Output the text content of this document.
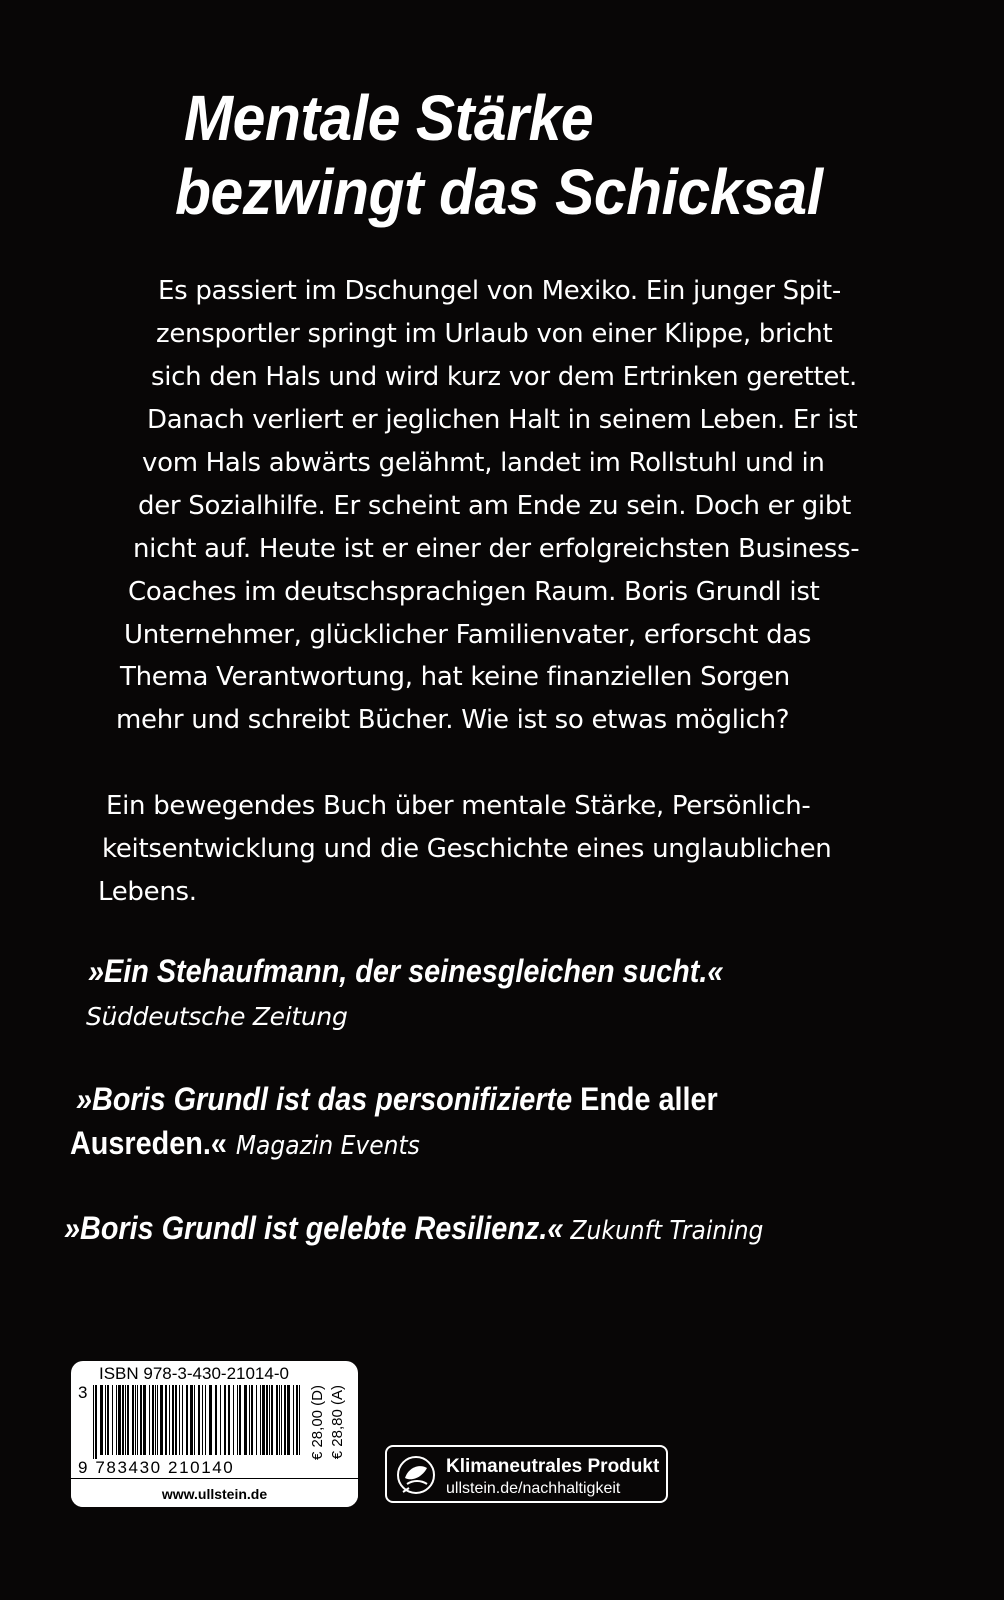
Mentale Stärke
bezwingt das Schicksal
Es passiert im Dschungel von Mexiko. Ein junger Spit-
zensportler springt im Urlaub von einer Klippe, bricht
sich den Hals und wird kurz vor dem Ertrinken gerettet.
Danach verliert er jeglichen Halt in seinem Leben. Er ist
vom Hals abwärts gelähmt, landet im Rollstuhl und in
der Sozialhilfe. Er scheint am Ende zu sein. Doch er gibt
nicht auf. Heute ist er einer der erfolgreichsten Business-
Coaches im deutschsprachigen Raum. Boris Grundl ist
Unternehmer, glücklicher Familienvater, erforscht das
Thema Verantwortung, hat keine finanziellen Sorgen
mehr und schreibt Bücher. Wie ist so etwas möglich?
Ein bewegendes Buch über mentale Stärke, Persönlich-
keitsentwicklung und die Geschichte eines unglaublichen
Lebens.
»Ein Stehaufmann, der seinesgleichen sucht.«
Süddeutsche Zeitung
»Boris Grundl ist das personifizierte Ende aller
Ausreden.« Magazin Events
»Boris Grundl ist gelebte Resilienz.« Zukunft Training
ISBN 978-3-430-21014-0
3
9 783430 210140
€ 28,00 (D) € 28,80 (A)
www.ullstein.de
Klimaneutrales Produkt
ullstein.de/nachhaltigkeit
